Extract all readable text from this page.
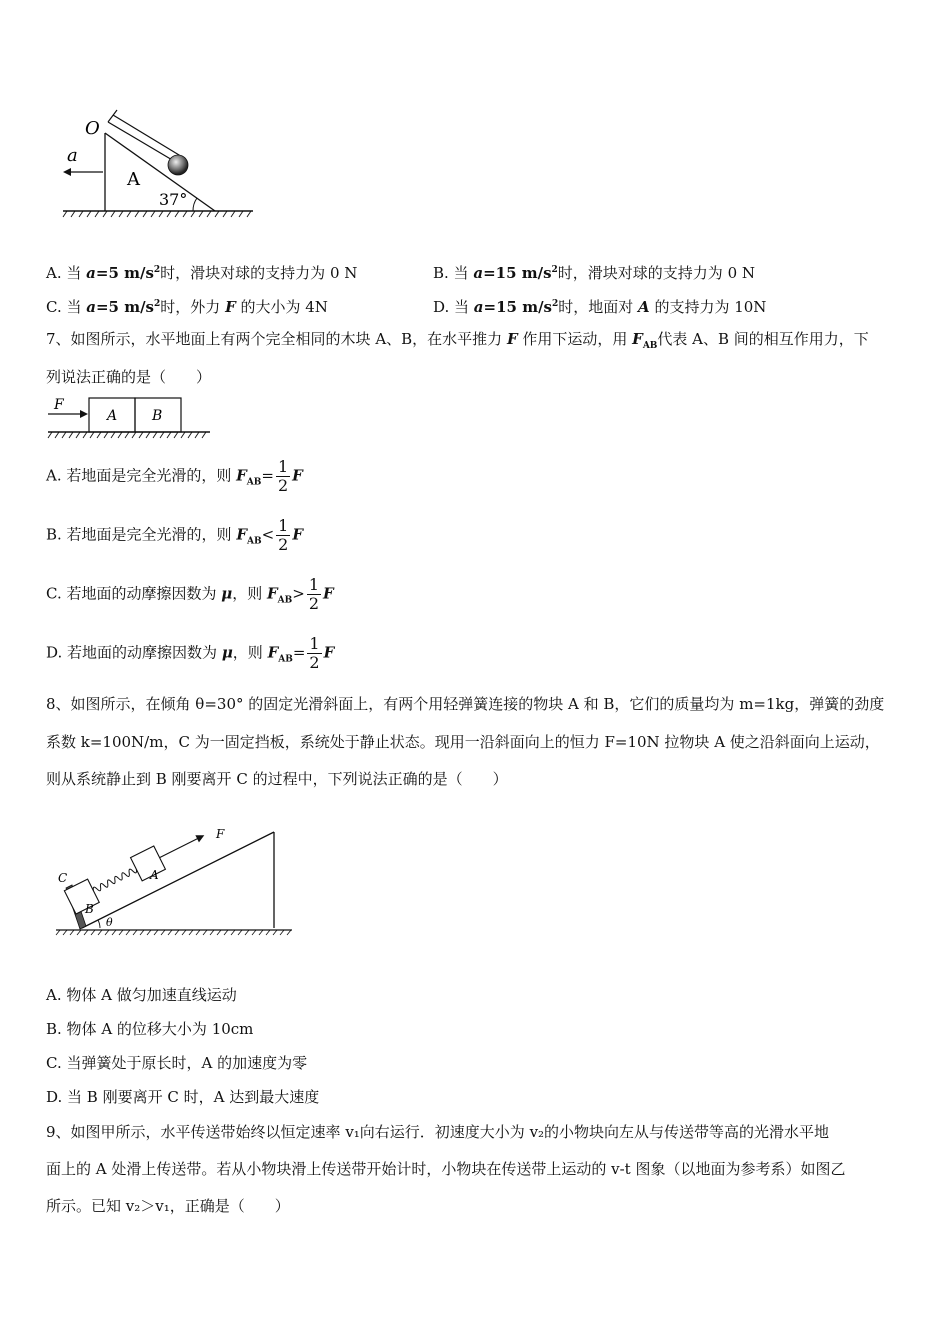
O
a
A
37°
A. 当 a=5 $m/s^2$时，滑块对球的支持力为 0 N	B. 当 a=15 $m/s^2$时，滑块对球的支持力为 0 N
C. 当 a=5 $m/s^2$时，外力 F 的大小为 4N	D. 当 a=15 $m/s^2$时，地面对 A 的支持力为 10N
7、如图所示，水平地面上有两个完全相同的木块 A、B，在水平推力 F 作用下运动，用 $F_{AB}$代表 A、B 间的相互作用力，下
列说法正确的是（　　）
F
A B
A. 若地面是完全光滑的，则 $F_{AB}= \frac{1}{2}$ F
B. 若地面是完全光滑的，则 $F_{AB}< \frac{1}{2}$ F
C. 若地面的动摩擦因数为 μ，则 $F_{AB}> \frac{1}{2}$ F
D. 若地面的动摩擦因数为 μ，则 $F_{AB}= \frac{1}{2}$ F
8、如图所示，在倾角 θ=30° 的固定光滑斜面上，有两个用轻弹簧连接的物块 A 和 B，它们的质量均为 m=1kg，弹簧的劲度
系数 k=100N/m，C 为一固定挡板，系统处于静止状态。现用一沿斜面向上的恒力 F=10N 拉物块 A 使之沿斜面向上运动，
则从系统静止到 B 刚要离开 C 的过程中，下列说法正确的是（　　）
C
B
A
F
θ
A. 物体 A 做匀加速直线运动
B. 物体 A 的位移大小为 10cm
C. 当弹簧处于原长时，A 的加速度为零
D. 当 B 刚要离开 C 时，A 达到最大速度
9、如图甲所示，水平传送带始终以恒定速率 v₁向右运行．初速度大小为 v₂的小物块向左从与传送带等高的光滑水平地
面上的 A 处滑上传送带。若从小物块滑上传送带开始计时，小物块在传送带上运动的 v-t 图象（以地面为参考系）如图乙
所示。已知 v₂＞v₁，正确是（　　）
